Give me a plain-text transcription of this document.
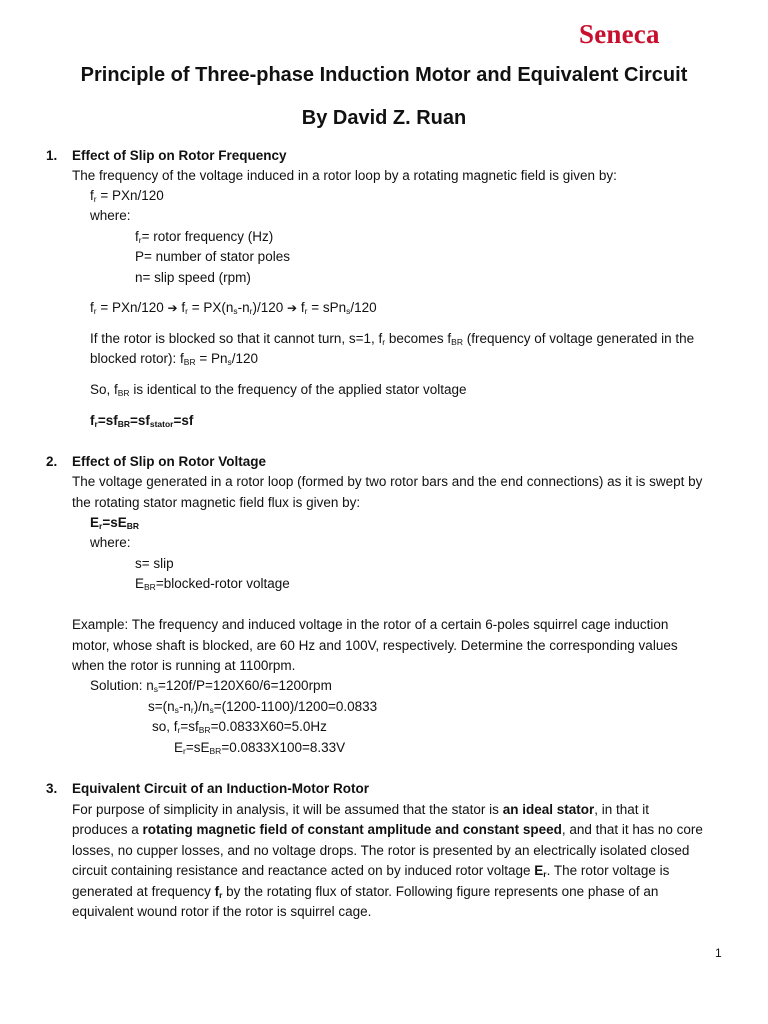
Seneca
Principle of Three-phase Induction Motor and Equivalent Circuit
By David Z. Ruan
1. Effect of Slip on Rotor Frequency
The frequency of the voltage induced in a rotor loop by a rotating magnetic field is given by:
$f_r = PXn/120$
where:
$f_r=$ rotor frequency (Hz)
P= number of stator poles
n= slip speed (rpm)
$f_r = PXn/120$ ➔ $f_r = PX(n_s-n_r)/120$ ➔ $f_r = sPn_s/120$
If the rotor is blocked so that it cannot turn, s=1, $f_r$ becomes $f_{BR}$ (frequency of voltage generated in the
blocked rotor): $f_{BR} = Pn_s/120$
So, $f_{BR}$ is identical to the frequency of the applied stator voltage
$f_r=sf_{BR}=sf_{stator}=sf$
2. Effect of Slip on Rotor Voltage
The voltage generated in a rotor loop (formed by two rotor bars and the end connections) as it is swept by
the rotating stator magnetic field flux is given by:
$E_r=sE_{BR}$
where:
s= slip
$E_{BR}=blocked$-rotor voltage
Example: The frequency and induced voltage in the rotor of a certain 6-poles squirrel cage induction
motor, whose shaft is blocked, are 60 Hz and 100V, respectively. Determine the corresponding values
when the rotor is running at 1100rpm.
Solution: $n_s=120f/P=120X60/6=1200rpm$
$s=(n_s-n_r)/n_s=(1200-1100)/1200=0.0833$
so, $f_r=sf_{BR}=0.0833X60=5.0Hz$
$E_r=sE_{BR}=0.0833X100=8.33V$
3. Equivalent Circuit of an Induction-Motor Rotor
For purpose of simplicity in analysis, it will be assumed that the stator is an ideal stator, in that it
produces a rotating magnetic field of constant amplitude and constant speed, and that it has no core
losses, no cupper losses, and no voltage drops. The rotor is presented by an electrically isolated closed
circuit containing resistance and reactance acted on by induced rotor voltage $E_r$. The rotor voltage is
generated at frequency $f_r$ by the rotating flux of stator. Following figure represents one phase of an
equivalent wound rotor if the rotor is squirrel cage.
1
